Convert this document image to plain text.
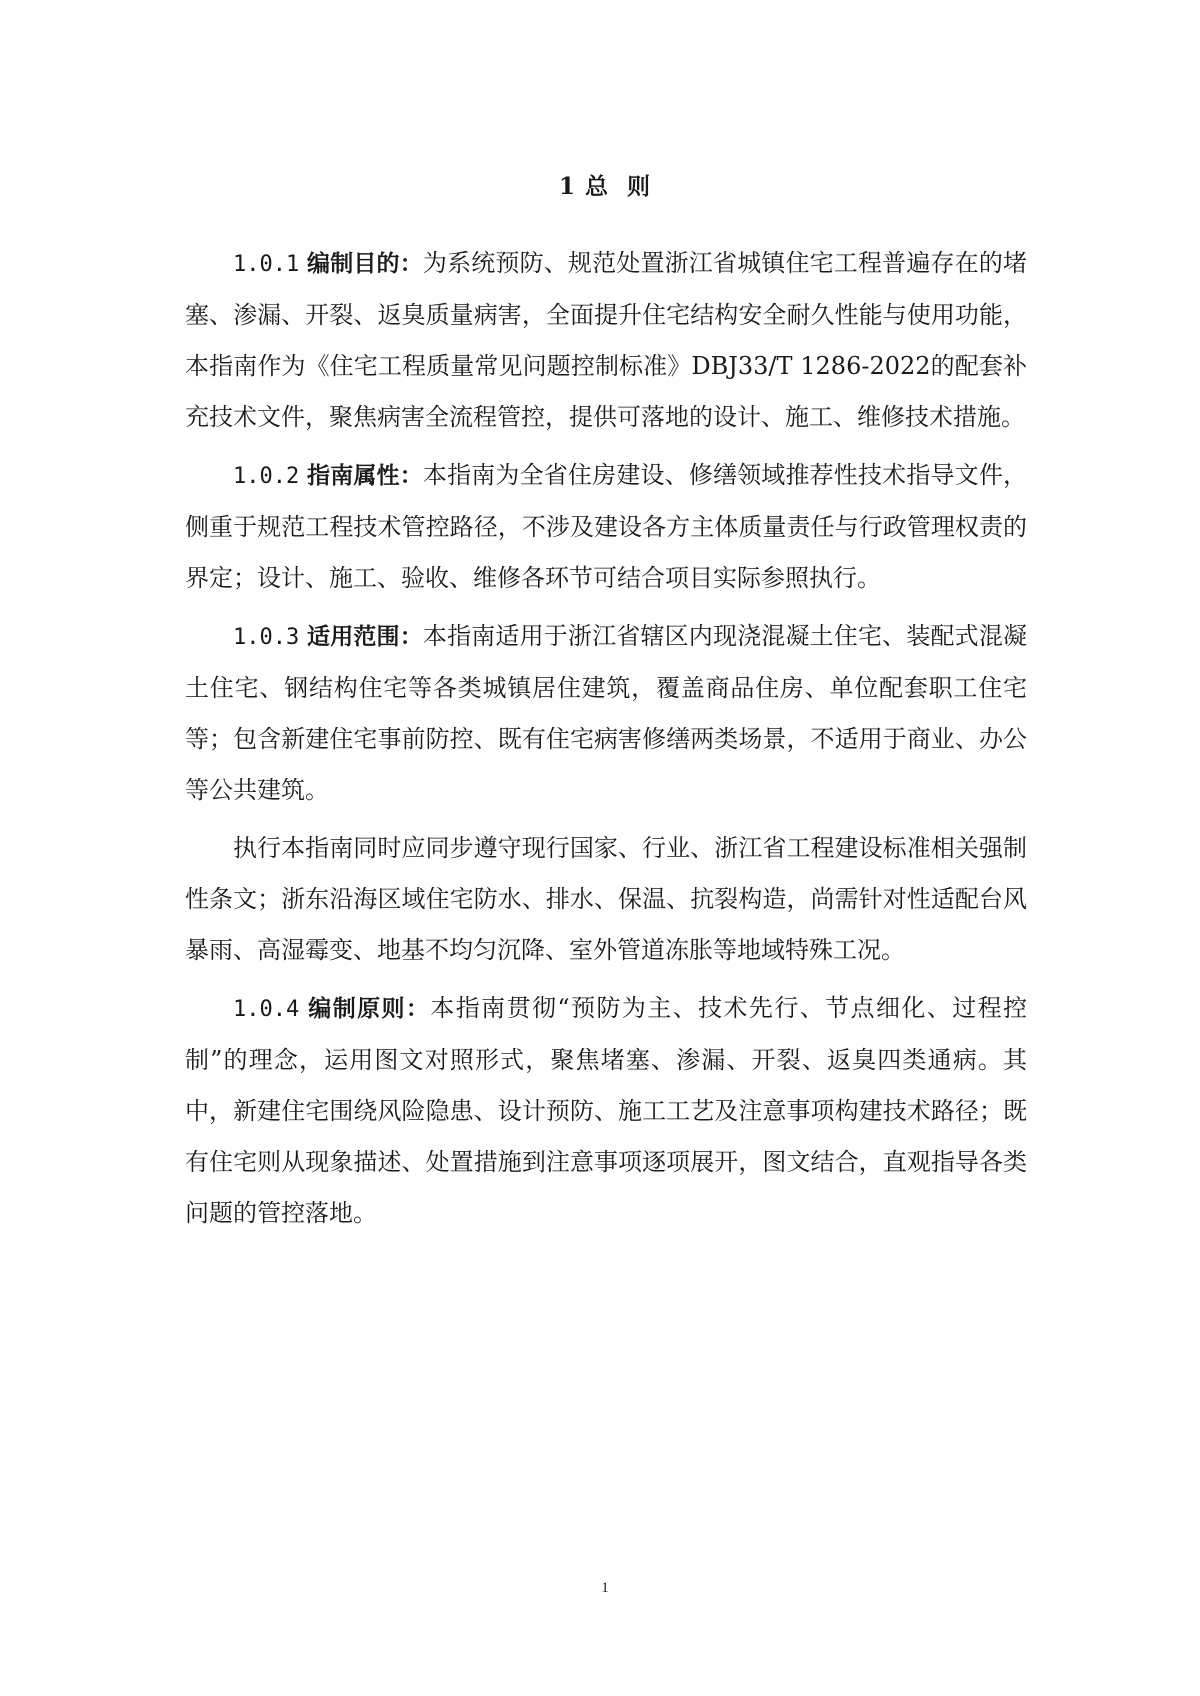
1 总  则

1.0.1 编制目的：为系统预防、规范处置浙江省城镇住宅工程普遍存在的堵塞、渗漏、开裂、返臭质量病害，全面提升住宅结构安全耐久性能与使用功能，本指南作为《住宅工程质量常见问题控制标准》DBJ33/T 1286-2022的配套补充技术文件，聚焦病害全流程管控，提供可落地的设计、施工、维修技术措施。

1.0.2 指南属性：本指南为全省住房建设、修缮领域推荐性技术指导文件，侧重于规范工程技术管控路径，不涉及建设各方主体质量责任与行政管理权责的界定；设计、施工、验收、维修各环节可结合项目实际参照执行。

1.0.3 适用范围：本指南适用于浙江省辖区内现浇混凝土住宅、装配式混凝土住宅、钢结构住宅等各类城镇居住建筑，覆盖商品住房、单位配套职工住宅等；包含新建住宅事前防控、既有住宅病害修缮两类场景，不适用于商业、办公等公共建筑。

执行本指南同时应同步遵守现行国家、行业、浙江省工程建设标准相关强制性条文；浙东沿海区域住宅防水、排水、保温、抗裂构造，尚需针对性适配台风暴雨、高湿霉变、地基不均匀沉降、室外管道冻胀等地域特殊工况。

1.0.4 编制原则：本指南贯彻“预防为主、技术先行、节点细化、过程控制”的理念，运用图文对照形式，聚焦堵塞、渗漏、开裂、返臭四类通病。其中，新建住宅围绕风险隐患、设计预防、施工工艺及注意事项构建技术路径；既有住宅则从现象描述、处置措施到注意事项逐项展开，图文结合，直观指导各类问题的管控落地。

1
